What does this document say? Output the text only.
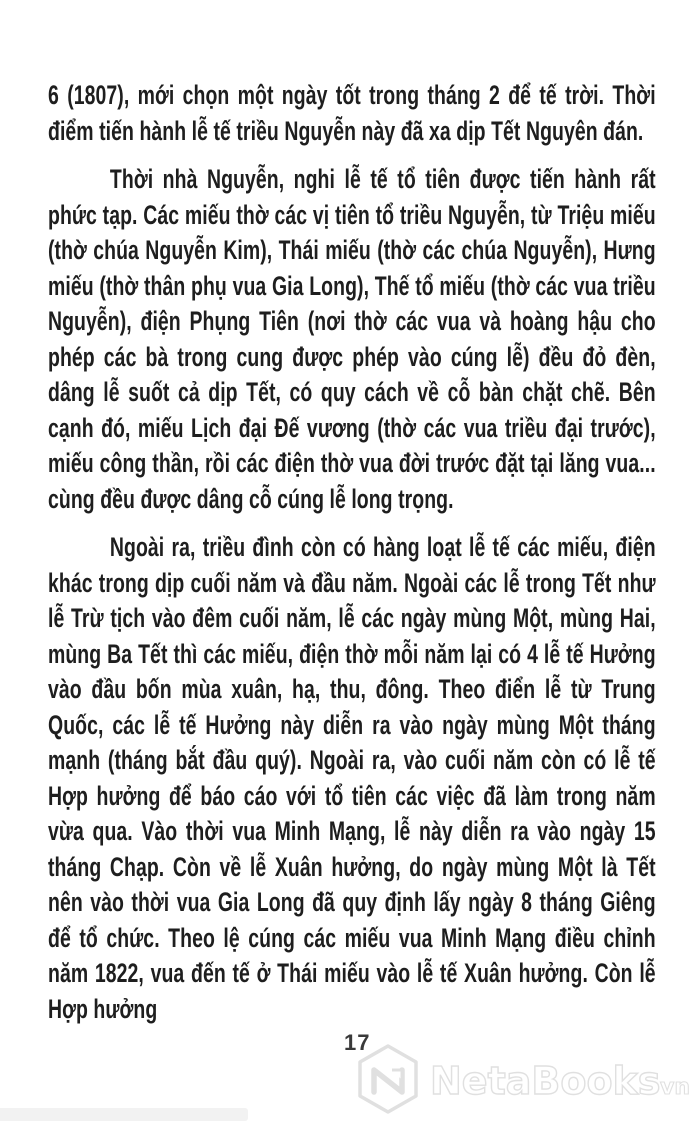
6 (1807), mới chọn một ngày tốt trong tháng 2 để tế trời. Thời điểm tiến hành lễ tế triều Nguyễn này đã xa dịp Tết Nguyên đán.

Thời nhà Nguyễn, nghi lễ tế tổ tiên được tiến hành rất phức tạp. Các miếu thờ các vị tiên tổ triều Nguyễn, từ Triệu miếu (thờ chúa Nguyễn Kim), Thái miếu (thờ các chúa Nguyễn), Hưng miếu (thờ thân phụ vua Gia Long), Thế tổ miếu (thờ các vua triều Nguyễn), điện Phụng Tiên (nơi thờ các vua và hoàng hậu cho phép các bà trong cung được phép vào cúng lễ) đều đỏ đèn, dâng lễ suốt cả dịp Tết, có quy cách về cỗ bàn chặt chẽ. Bên cạnh đó, miếu Lịch đại Đế vương (thờ các vua triều đại trước), miếu công thần, rồi các điện thờ vua đời trước đặt tại lăng vua... cùng đều được dâng cỗ cúng lễ long trọng.

Ngoài ra, triều đình còn có hàng loạt lễ tế các miếu, điện khác trong dịp cuối năm và đầu năm. Ngoài các lễ trong Tết như lễ Trừ tịch vào đêm cuối năm, lễ các ngày mùng Một, mùng Hai, mùng Ba Tết thì các miếu, điện thờ mỗi năm lại có 4 lễ tế Hưởng vào đầu bốn mùa xuân, hạ, thu, đông. Theo điển lễ từ Trung Quốc, các lễ tế Hưởng này diễn ra vào ngày mùng Một tháng mạnh (tháng bắt đầu quý). Ngoài ra, vào cuối năm còn có lễ tế Hợp hưởng để báo cáo với tổ tiên các việc đã làm trong năm vừa qua. Vào thời vua Minh Mạng, lễ này diễn ra vào ngày 15 tháng Chạp. Còn về lễ Xuân hưởng, do ngày mùng Một là Tết nên vào thời vua Gia Long đã quy định lấy ngày 8 tháng Giêng để tổ chức. Theo lệ cúng các miếu vua Minh Mạng điều chỉnh năm 1822, vua đến tế ở Thái miếu vào lễ tế Xuân hưởng. Còn lễ Hợp hưởng

17
NetaBooks vn
